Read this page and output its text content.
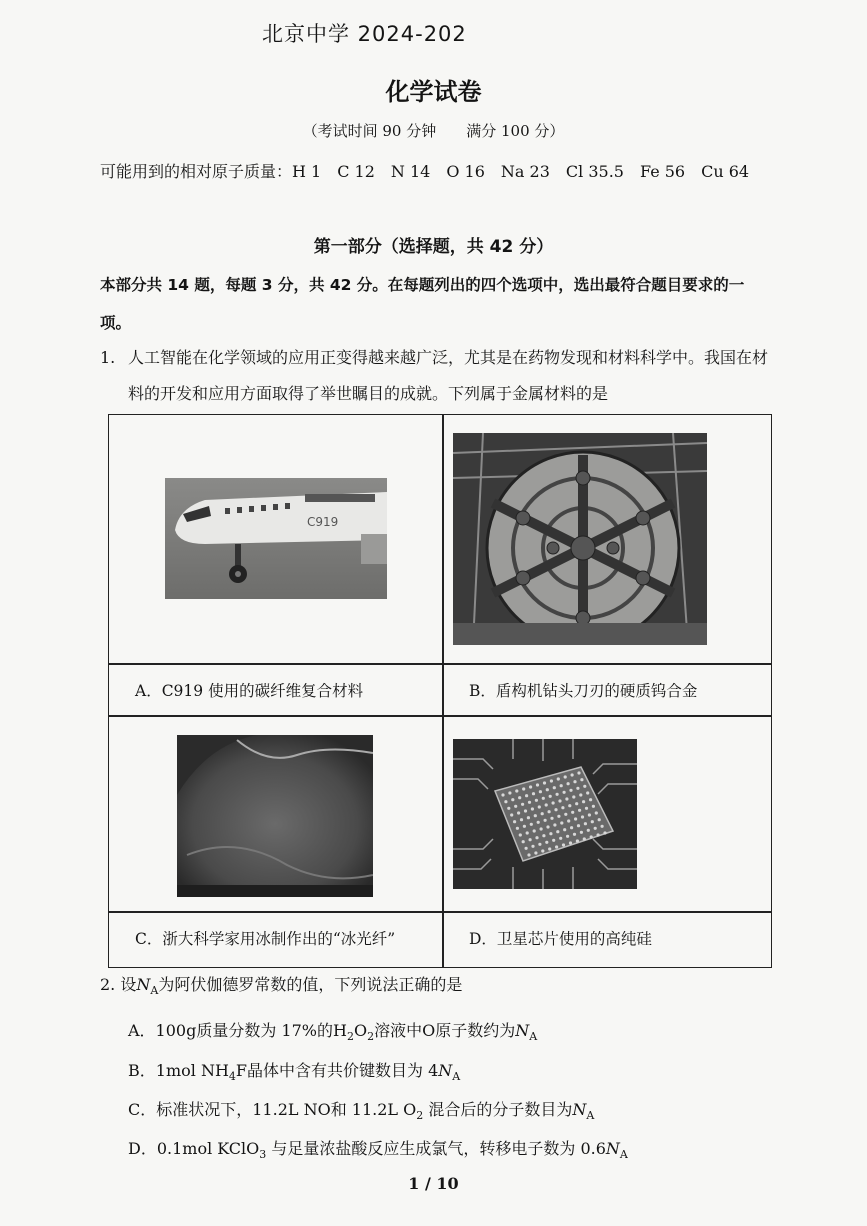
北京中学 2024-202
化学试卷
（考试时间 90 分钟　　满分 100 分）
可能用到的相对原子质量：H 1　C 12　N 14　O 16　Na 23　Cl 35.5　Fe 56　Cu 64
第一部分（选择题，共 42 分）
本部分共 14 题，每题 3 分，共 42 分。在每题列出的四个选项中，选出最符合题目要求的一项。
1. 人工智能在化学领域的应用正变得越来越广泛，尤其是在药物发现和材料科学中。我国在材料的开发和应用方面取得了举世瞩目的成就。下列属于金属材料的是
C919
A．C919 使用的碳纤维复合材料	B．盾构机钻头刀刃的硬质钨合金
C．浙大科学家用冰制作出的“冰光纤”	D．卫星芯片使用的高纯硅
2. 设$N_A$为阿伏伽德罗常数的值，下列说法正确的是
A．100g质量分数为 17%的$H_2O_2$溶液中O原子数约为$N_A$
B．1mol $NH_4F$晶体中含有共价键数目为 $4N_A$
C．标准状况下，11.2L NO和 11.2L $O_2$ 混合后的分子数目为$N_A$
D．0.1mol KClO$_3$ 与足量浓盐酸反应生成氯气，转移电子数为 $0.6N_A$
1 / 10
